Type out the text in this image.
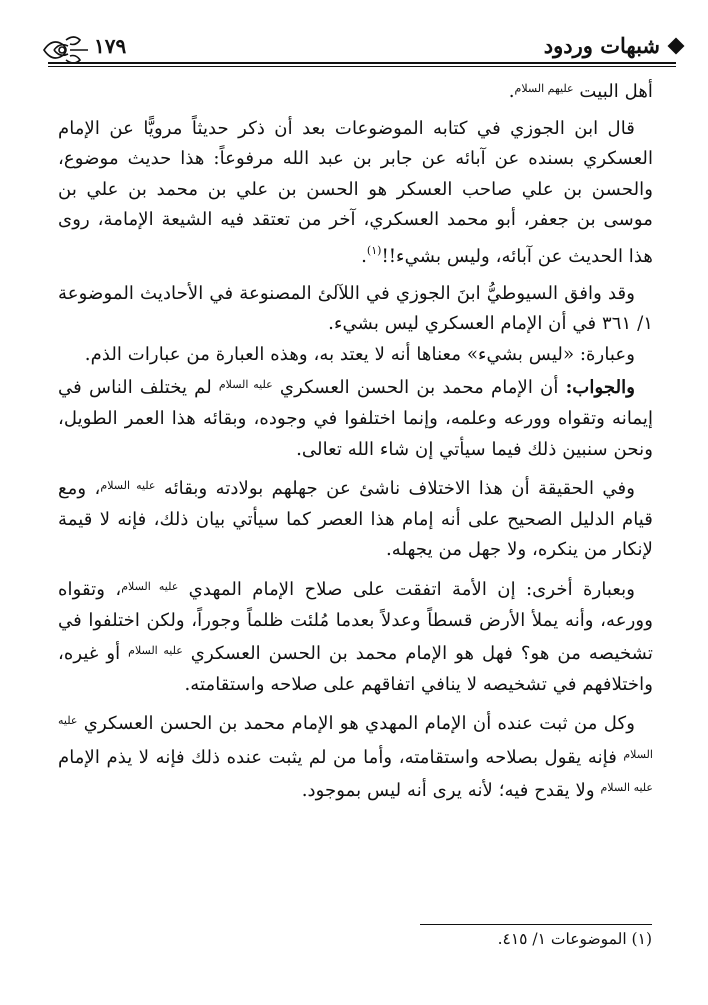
١٧٩	شبهات وردود

أهل البيت $^{عليهم السلام}$.

قال ابن الجوزي في كتابه الموضوعات بعد أن ذكر حديثاً مرويًّا عن الإمام العسكري بسنده عن آبائه عن جابر بن عبد الله مرفوعاً: هذا حديث موضوع، والحسن بن علي صاحب العسكر هو الحسن بن علي بن محمد بن علي بن موسى بن جعفر، أبو محمد العسكري، آخر من تعتقد فيه الشيعة الإمامة، روى هذا الحديث عن آبائه، وليس بشيء!!$^{(١)}$.

وقد وافق السيوطيُّ ابنَ الجوزي في اللآلئ المصنوعة في الأحاديث الموضوعة ١/ ٣٦١ في أن الإمام العسكري ليس بشيء.

وعبارة: «ليس بشيء» معناها أنه لا يعتد به، وهذه العبارة من عبارات الذم.

والجواب: أن الإمام محمد بن الحسن العسكري $^{عليه السلام}$ لم يختلف الناس في إيمانه وتقواه وورعه وعلمه، وإنما اختلفوا في وجوده، وبقائه هذا العمر الطويل، ونحن سنبين ذلك فيما سيأتي إن شاء الله تعالى.

وفي الحقيقة أن هذا الاختلاف ناشئ عن جهلهم بولادته وبقائه $^{عليه السلام}$، ومع قيام الدليل الصحيح على أنه إمام هذا العصر كما سيأتي بيان ذلك، فإنه لا قيمة لإنكار من ينكره، ولا جهل من يجهله.

وبعبارة أخرى: إن الأمة اتفقت على صلاح الإمام المهدي $^{عليه السلام}$، وتقواه وورعه، وأنه يملأ الأرض قسطاً وعدلاً بعدما مُلئت ظلماً وجوراً، ولكن اختلفوا في تشخيصه من هو؟ فهل هو الإمام محمد بن الحسن العسكري $^{عليه السلام}$ أو غيره، واختلافهم في تشخيصه لا ينافي اتفاقهم على صلاحه واستقامته.

وكل من ثبت عنده أن الإمام المهدي هو الإمام محمد بن الحسن العسكري $^{عليه السلام}$ فإنه يقول بصلاحه واستقامته، وأما من لم يثبت عنده ذلك فإنه لا يذم الإمام $^{عليه السلام}$ ولا يقدح فيه؛ لأنه يرى أنه ليس بموجود.

(١) الموضوعات ١/ ٤١٥.
